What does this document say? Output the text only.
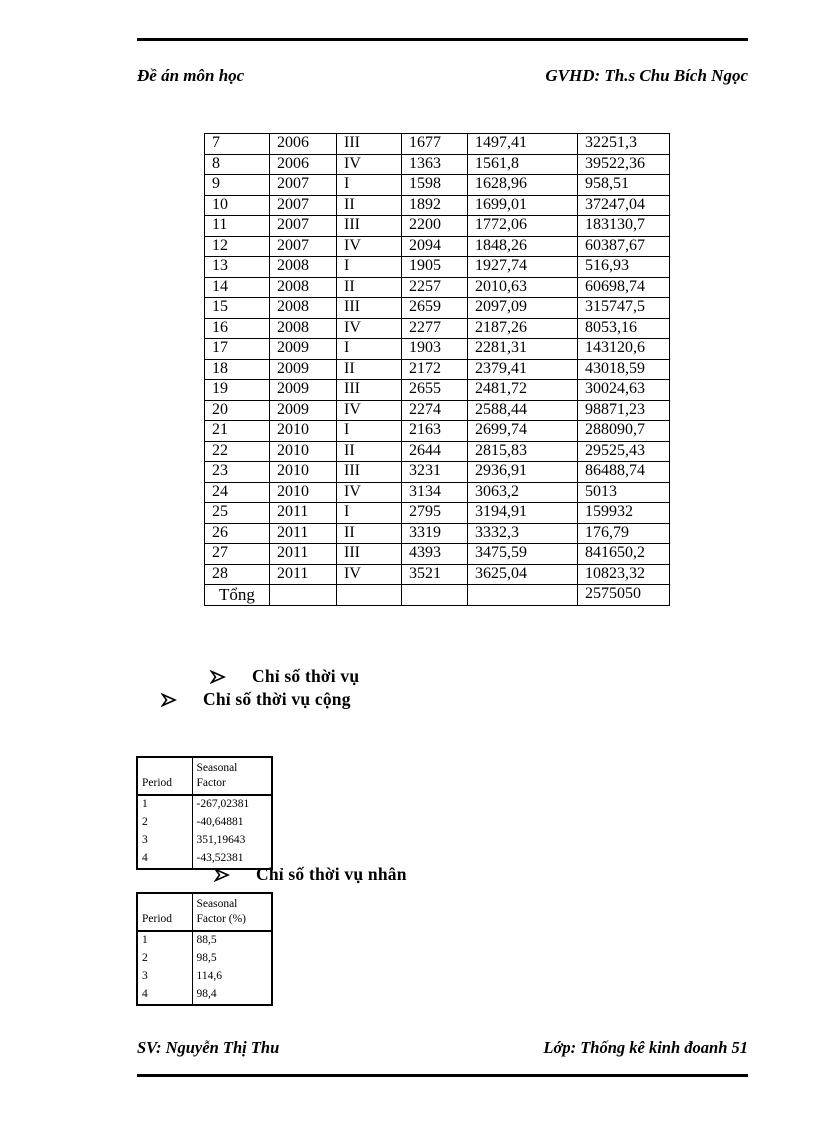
Đề án môn học	GVHD: Th.s Chu Bích Ngọc
7	2006	III	1677	1497,41	32251,3
8	2006	IV	1363	1561,8	39522,36
9	2007	I	1598	1628,96	958,51
10	2007	II	1892	1699,01	37247,04
11	2007	III	2200	1772,06	183130,7
12	2007	IV	2094	1848,26	60387,67
13	2008	I	1905	1927,74	516,93
14	2008	II	2257	2010,63	60698,74
15	2008	III	2659	2097,09	315747,5
16	2008	IV	2277	2187,26	8053,16
17	2009	I	1903	2281,31	143120,6
18	2009	II	2172	2379,41	43018,59
19	2009	III	2655	2481,72	30024,63
20	2009	IV	2274	2588,44	98871,23
21	2010	I	2163	2699,74	288090,7
22	2010	II	2644	2815,83	29525,43
23	2010	III	3231	2936,91	86488,74
24	2010	IV	3134	3063,2	5013
25	2011	I	2795	3194,91	159932
26	2011	II	3319	3332,3	176,79
27	2011	III	4393	3475,59	841650,2
28	2011	IV	3521	3625,04	10823,32
Tổng					2575050
Chỉ số thời vụ
Chỉ số thời vụ cộng
Period	Seasonal Factor
1	-267,02381
2	-40,64881
3	351,19643
4	-43,52381
Chỉ số thời vụ nhân
Period	Seasonal Factor (%)
1	88,5
2	98,5
3	114,6
4	98,4
SV: Nguyễn Thị Thu	Lớp: Thống kê kinh đoanh 51
